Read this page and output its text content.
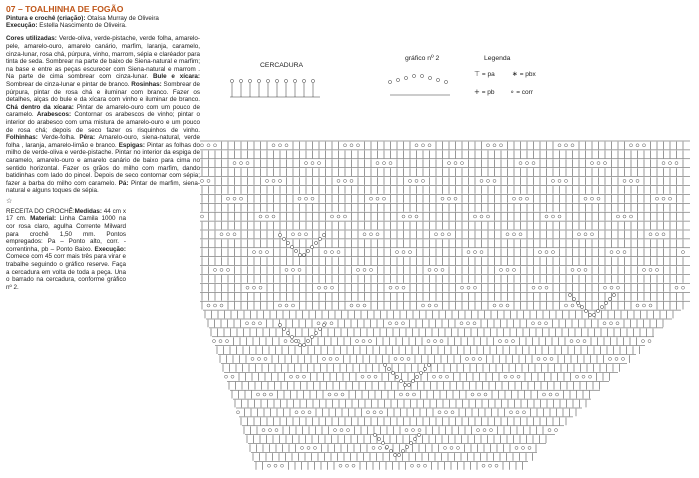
07 – TOALHINHA DE FOGÃO
Pintura e crochê (criação): Otaísa Murray de Oliveira
Execução: Estella Nascimento de Oliveira.
Cores utilizadas: Verde-oliva, verde-pistache, verde folha, amarelo-pele, amarelo-ouro, amarelo canário, marfim, laranja, caramelo, cinza-lunar, rosa chá, púrpura, vinho, marrom, sépia e claréador para tinta de seda. Sombrear na parte de baixo de Siena-natural e marfim; na base e entre as peças escurecer com Siena-natural e marrom . Na parte de cima sombrear com cinza-lunar. Bule e xícara: Sombrear de cinza-lunar e pintar de branco. Rosinhas: Sombrear de púrpura, pintar de rosa chá e iluminar com branco. Fazer os detalhes, alças do bule e da xícara com vinho e iluminar de branco. Chá dentro da xícara: Pintar de amarelo-ouro com um pouco de caramelo. Arabescos: Contornar os arabescos de vinho; pintar o interior do arabesco com uma mistura de amarelo-ouro e um pouco de rosa chá; depois de seco fazer os risquinhos de vinho. Folhinhas: Verde-folha. Pêra: Amarelo-ouro, siena-natural, verde folha , laranja, amarelo-limão e branco. Espigas: Pintar as folhas do milho de verde-oliva e verde-pistache. Pintar no interior da espiga de caramelo, amarelo-ouro e amarelo canário de baixo para cima no sentido horizontal. Fazer os grãos do milho com marfim, dando batidinhas com lado do pincel. Depois de seco contornar com sépia; fazer a barba do milho com caramelo. Pá: Pintar de marfim, siena-natural e alguns toques de sépia.
☆
RECEITA DO CROCHÊ:Medidas: 44 cm x 17 cm. Material: Linha Camila 1000 na cor rosa claro, agulha Corrente Milward para crochê 1,50 mm. Pontos empregados: Pa – Ponto alto, corr. - correntinha, pb – Ponto Baixo. Execução: Comece com 45 corr mais três para virar e trabalhe seguindo o gráfico reserve. Faça a cercadura em volta de toda a peça. Una o barrado na cercadura, conforme gráfico nº 2.
CERCADURA
gráfico nº 2	Legenda
⊤ = pa ∗ = pbx
+ = pb ∘ = corr
